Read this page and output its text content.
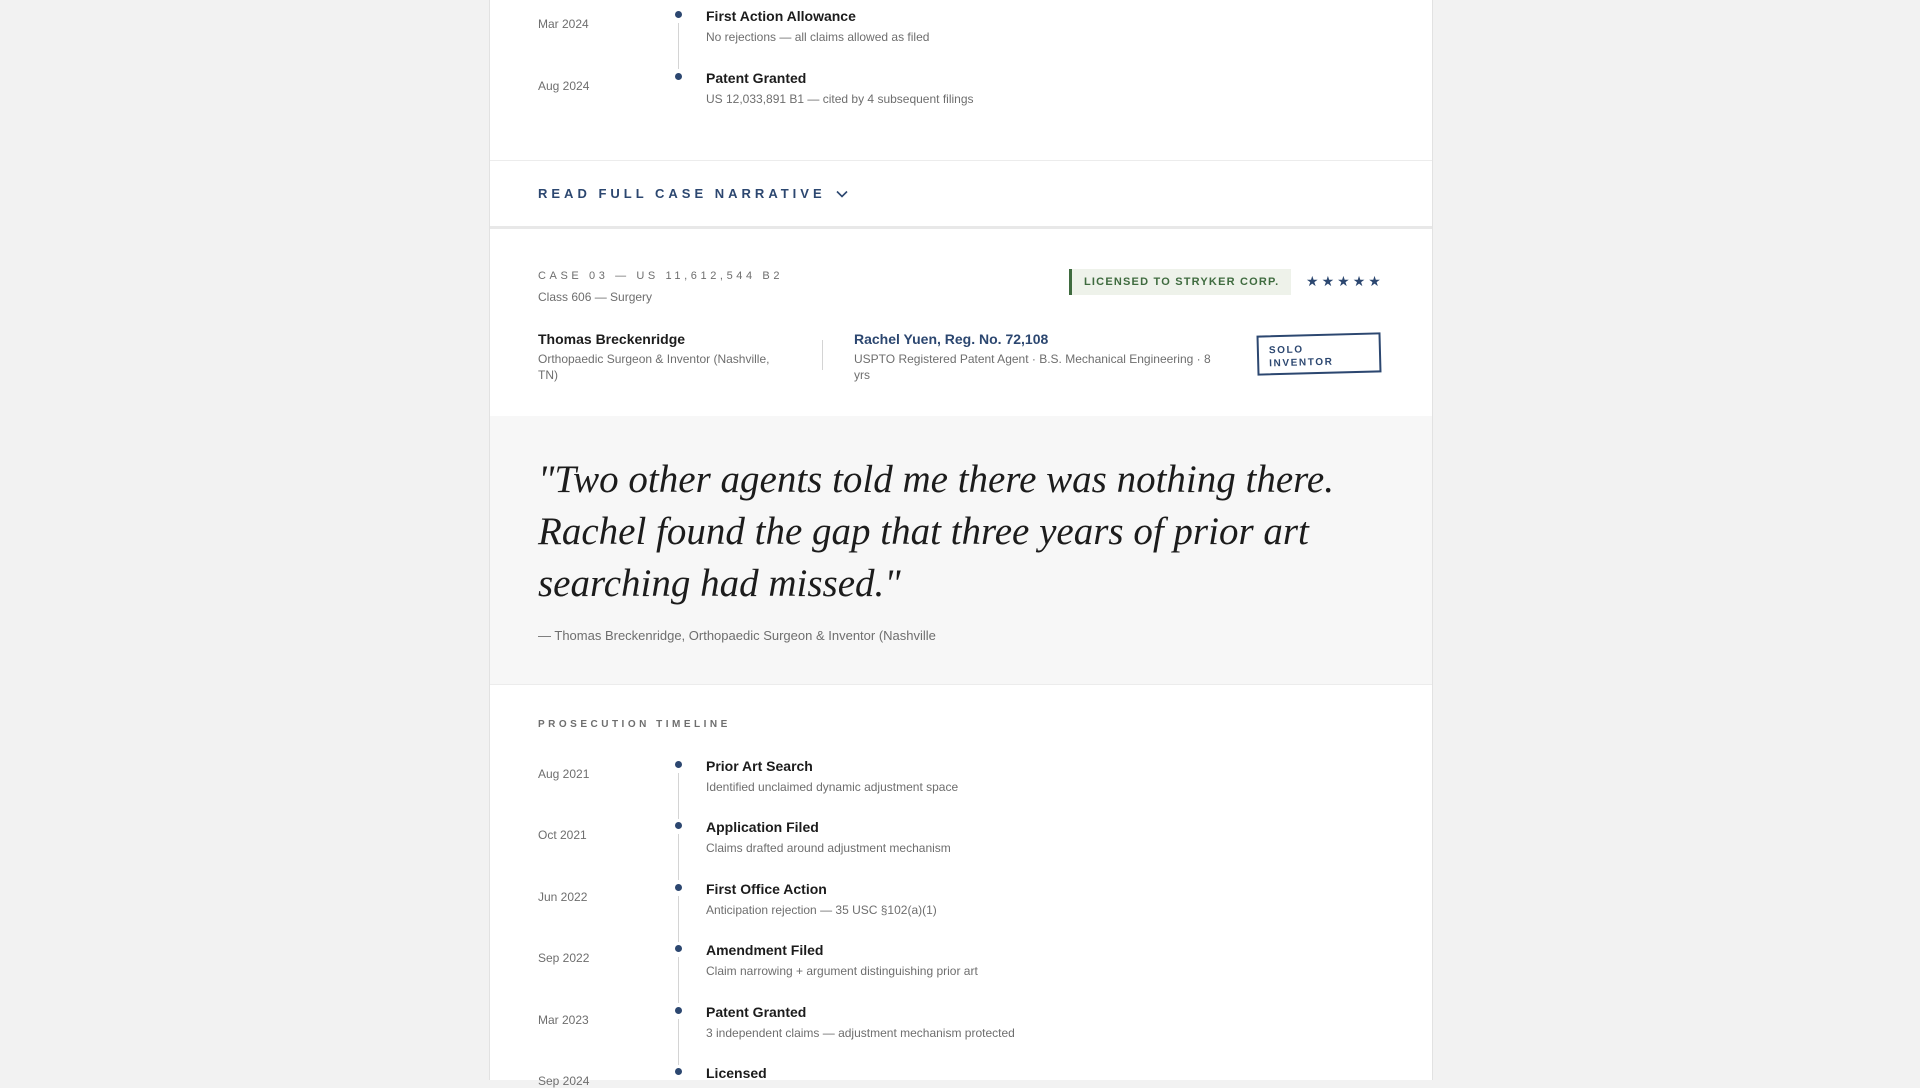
Mar 2024	First Action Allowance
No rejections — all claims allowed as filed
Aug 2024	Patent Granted
US 12,033,891 B1 — cited by 4 subsequent filings
READ FULL CASE NARRATIVE
CASE 03 — US 11,612,544 B2
Class 606 — Surgery
LICENSED TO STRYKER CORP.	★ ★ ★ ★ ★
Thomas Breckenridge
Orthopaedic Surgeon & Inventor (Nashville, TN)
Rachel Yuen, Reg. No. 72,108
USPTO Registered Patent Agent · B.S. Mechanical Engineering · 8 yrs
SOLO
INVENTOR
"Two other agents told me there was nothing there. Rachel found the gap that three years of prior art searching had missed."
— Thomas Breckenridge, Orthopaedic Surgeon & Inventor (Nashville
PROSECUTION TIMELINE
Aug 2021	Prior Art Search
Identified unclaimed dynamic adjustment space
Oct 2021	Application Filed
Claims drafted around adjustment mechanism
Jun 2022	First Office Action
Anticipation rejection — 35 USC §102(a)(1)
Sep 2022	Amendment Filed
Claim narrowing + argument distinguishing prior art
Mar 2023	Patent Granted
3 independent claims — adjustment mechanism protected
Sep 2024	Licensed
